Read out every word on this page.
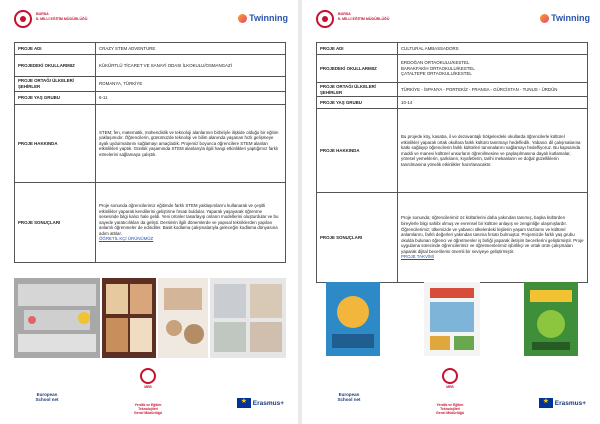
BURSA
İL MİLLİ EĞİTİM MÜDÜRLÜĞÜ	Twinning
PROJE ADI	CRAZY STEM ADVENTURE
PROJEDEKİ OKULLARIMIZ	KÜKÜRTLÜ TİCARET VE SANAYİ ODASI İLKOKULU/OSMANGAZİ
PROJE ORTAĞI ÜLKELER/ŞEHİRLER	ROMANYA, TÜRKİYE
PROJE YAŞ GRUBU	6-11
PROJE HAKKINDA	STEM; fen, matematik, mühendislik ve teknoloji alanlarının birbiriyle ilişkide olduğu bir eğitim yaklaşımıdır. Öğrencilerin, günümüzde teknoloji ve bilim alanında yaşanan hızlı gelişmeye ayak uydurmalarını sağlamayı amaçladık. Projemiz boyunca öğrencilere STEM alanları etkinlikleri yaptık. Günlük yaşamında STEM alanlarıyla ilgili hangi etkinlikleri yaptığımız farklı etmelerini sağlamaya çalıştık.
PROJE SONUÇLARI	Proje sonunda öğrencilerimiz eğitimde farklı STEM yaklaşımlarını kullanarak ve çeşitli etkinlikler yaparak kendilerini geliştirme fırsatı buldular. Yaparak yaşayarak öğrenme sesesinde bilgi kalıcı hale geldi. Yeni ürünler tasarlayıp onların modellerini oluşturdular ve bu sayede yaratıcılıkları da gelişti. Derslerin ilgili dönemlerde ve yapısal tekniklerden yapılan anlamlı öğrenmeler de edindiler. Basit kodlama çalışmalarıyla geleceğin kodlama dünyasına adım attılar.

ÖĞRETİL KÇİ ÜRÜNÜMÜZ
MEB
European
School net
Yenilik ve Eğitim Teknolojileri
Genel Müdürlüğü
★
Erasmus+
BURSA
İL MİLLİ EĞİTİM MÜDÜRLÜĞÜ	Twinning
PROJE ADI	CULTURAL AMBASSADORS
PROJEDEKİ OKULLARIMIZ	ERDOĞAN ORTAOKULU/KESTEL
BARAKFAKİH ORTAOKULU/KESTEL
ÇATALTEPE ORTAOKULU/KESTEL
PROJE ORTAĞI ÜLKELER/ŞEHİRLER	TÜRKİYE - İSPANYA - PORTEKİZ - FRANSA - GÜRCİSTAN - TUNUS - ÜRDÜN
PROJE YAŞ GRUBU	10-14
PROJE HAKKINDA	Bu projede köy, kasaba, il ve dezavantajlı bölgelerdeki okullarda öğrencilerle kültürel etkinlikler yaparak ortak okullara farklı kültürü tanıtmayı hedefledik. Yabancı dil çalışmalarına katkı sağlayıp öğrencilerin farklı kültürleri tanımalarını sağlamayı hedefliyoruz. Bu kapsamda maddi ve manevi kültürel unsurların öğrenilmesine ve paylaşılmasına dayalı kutlamalar, yöresel yemeklerin, şarkıların, kıyafetlerin, tarihi mekanların ve doğal güzelliklerin tanıtılmasına yönelik etkinlikler hazırlanacaktır.
PROJE SONUÇLARI	Proje sonunda; öğrencilerimiz öz kültürlerini daha yakından tanımış, başka kültürden bireylerle bilgi sahibi olmuş ve evrensel bir kültüre anlayış ve zenginliğe ulaşmışlardır. Öğrencilerimiz; ülkemizde ve yabancı ülkelerdeki kişilerin yaşam tarzlarını ve kültürel anlamlarını, farklı değerleri yakından tanıma fırsatı bulmuştur. Projemizde farklı yaş grubu okulda bulunan öğrenci ve öğretmenler iş birliği yaparak iletişim becerilerini geliştirmiştir. Proje uygulama sürecinde öğrencilerimiz ve öğretmenlerimiz işbirlikçi ve ortak ürün çalışmaları yaparak dijital becerilerini önemli bir seviyeye geliştirmiştir.

PROJE TAKVİMİ
MEB
European
School net
Yenilik ve Eğitim Teknolojileri
Genel Müdürlüğü
★
Erasmus+
